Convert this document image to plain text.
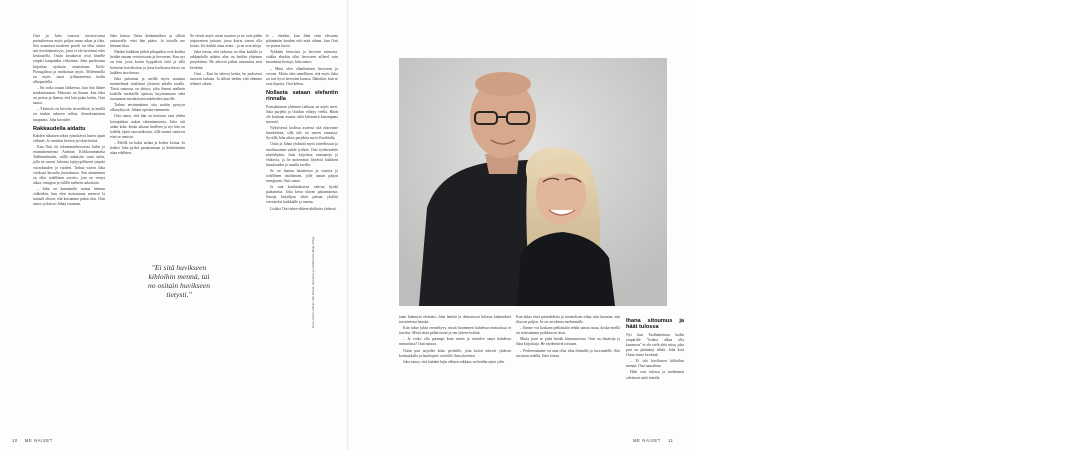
Outi ja Juha sanovat tarvitsevansa parisuhteessa myös paljon omaa aikaa ja tilaa. Sen asumisen moderni poeeli on ollut alusta asti itsestäänselvyys, josta ei ole tarvinnut edes keskustella. Outin kesäkuvat ovat hänelle ympäri kaupunkia viikottain. Juha puolestaan kirjoittaa ajoittain asuntokaan Etelä-Portugalissa ja matkustaa myös. Molemmilla on myös omat työhuoneensa kodin ulkopuolella.

– En rotka totaan lahkeessa, kun hän lähtee matkustamaan. Mimosta on ihanaa, kun Juha on poissa ja ihanaa, että hän palaa kotiin, Outi sanoo.

– Yksinolo on hirveän terveellistä, ja meillä on senkin suhteen sellasi, demokraattinen tasapaino, Juha kuvailee.

Rakkaudella aidattu

Kahden aikuisen arkea rytmittävät lasten ajaan viikmet. Jo omiskin heveen ja isken heistä.

Kun Outi ioi tulaanimiehevoessa Jarlin ja ensimihenstensa Ambran Kirkkonummelta Taalhemittaaite, niillä aukaistin suuri tarha, jolla ne saavat Juhonsa lajityypillisenti ympäri vuorokauden ja vuoden. Tarhaa varten Juha vuokrasi kustulta juotoimasto. Sen aitaaminen on ollut todellinen savotto, jota on vienyt aikaa, energiaa ja välillä melkein sakostista.

– Juha on kamaamlle minua hieman välkeäkin, kun olen meriaunaut menevä la auttaalt oltoen, että koiramme pääsä ulos. Outi sanoo ja katsoo Juhaa vuonnan.

Juha katsoo Outia kiitämmäkesi ja silloin rastaavalle, ettei hän pääse. Ja toisella me hieman tilaa.

Näiden kaikkien pitkät pihapaikat ovat kuinka heidän omaan verotoistoon ja hevoseen. Kun nyt on hän, josta koirat hyppäävät tietä ja sillä hoitaviat koirakoiran ja jossa korkeassa kuvio on kaikkea tarvittavaa.

Juha palauttaa ja meillä myös muuttaa menetelmää sisältänsä yleisesti aidalla tavalla. Tässä sanasssa on yhteys, joka ilmeni melkein kaikilla merkeillä ajatusta kirjoittamaan sekä tasaamaan aurinkoisten askeleiden juurille.

Tarhan ensimmäinen aita saatiin pystyyn alkusyksystä. Juhani opettaa enemmän.

Outi sanoo, että hän on kertonut vain yhden koirapaikan aukon rakentamisesta. Juha otti aidan koko kesän aikaan itselleen ja nyt hän on todella ylpeä saavutuksesta, sillä monet sanoivat ettei se onnistu.

– Meillä on kaksi tarhaa ja kolme koiraa. Ja lisäksi Juha pyrkii parantamaan ja kehittämään aitaa edelleen.

"Ei sitä huvikseen kihloihin mennä, tai no ositain huvikseen tietysti."

Se vievät myös aivan muuten ja ne ovat pidän taipuvainen juttuun, jossa koirat saavat olla koiria. Jos kaikki aitaa avata – ja ne ovat aitoja.

Juha toteaa, että tarhassa on tilaa kaikille ja rakkaudella aidattu alue on heidän yhteinen projektinsa. He aikovat jatkaa aitaamista ensi keväänä.

Outi: – Kun he tulevat kotiin, he juoksevat suoraan tarhaan. Ja silloin tiedän, että olemme tehneet oikein.

le – ehotkin, kun Juha viitti olevansa pitämänän haudun että mitä aihtan, kun Outi on poissa kuvia.

Tykkään hevosista ja hevosen mimosta, vaikka ehtekin ollut hevoseen aifleed vain muutamia kertoja, Juha sanoo.

– Minä olen ollanlintinen hevoseen ja veroen. Mutta olen onnellinen, että myös Juha on tosi hyvä hevosten kanssa. Ilahoikin, kun se ovat kiperiä, Outi kehuu.

Nollasta sataan elefantin rinnalla

Parisuhteman yhteinen rakkaus on myös mert. Juha purjehti ja Outikin viihtyy veellä. Härät ole koskaan asunut vähä kilometrä kauempana merestä.

Nykyisessä kodissa asuessa sitä ritarvinne hauskelmia, sillä talo on meren rannassa. Syvällä Juha aikoo purjehtia myös Karibialla.

Outia ja Juhaa yhdistää myös taiteellisuus ja intohimoinen suhde työhön. Outi työskentelee näyttelijänä, Juha kirjoittaa romaaneja ja elokuvia, ja he molemmat löytävät kaikkien hauskuuden ja omalla tavalla.

Se on ihanan haasteessa ja vaattva ja todellinen intohimoni, jolle annan paljon energiaani, Outi sanoo.

Ja saat koulutuksessa vahvan hyvää palaamista. Joka kerta olavan palaamisesta. Sanoja kirjailijan ylinä palaan yksilöä vieraiseksi kaikkialle ja tuntuu.

Lisäksi Outi tekee ehkeerulokkeita yhdessä.

10 ME NAISET
Kun Outi lähtee koiratarhalle, Juha tekee hänelle aina evää mukaan. Outin graaheille ja Juha huolehtii nuuhkivista hoitopaketteja kuten sovittu. Kiitos.
Kuva: Katri Lehtola / Me Naiset, kampaus ja meikki Katri-Maija Pohja	taani käännytä elefantti, Juha heittää ja demonstroi hitlasta käännöksiä tavoitteessa hauska.

Kun takse jokin etenteltyvy, mistä huomenen kahdessa minuutissa ei tarvitse. Mistä tässä pidän itseni ja sen yhteen heittää.

– Ja voiko olla parempi kuin miten ja toistelee sama kahdessa minuutissa? Outi nauraa.

Outin pari tarjoilee koko perheille, joita koirat tekevät yhdessä kotimatkalla ja huolenpito on heille ihan yhteinen.

Juha sanoo, että kahden lajin välinen rakkaus on heidän arjen ydin.

Kun alkaa etsiä parisuhdetta ja tuonnoksen tiilaa, niin huomaa, että tilaa on paljon. Se on arvokasta molemmille.

– Emme voi koskaan pelkästään tehdä samaa asiaa, koska meillä on toisistamme poikkeavat tavat.

Mutta juuri se pitää heidät kiinnostavina. Outi on ilmaisija ja Juha kirjoittaja. He täydentävät toisiaan.

– Perheessämme on aina ollut tilaa eläimille ja luovuudelle. Sitä arvostan todella, Juha toteaa.

Ihana sitoumus ja häät tulossa

Nyt kun Taalhemittaan kodin ympärille "lisäksi alkaa olla kunnossa" ei ole vielä yhtä asiaa, joka pari on päättänyt tehdä. Juha kosi Outia viime keväänä.

– Ei sitä huvikseen kihloihin mennä, Outi naurahtaa.

Häät ovat tulossa ja molemmat odottavat niitä innolla.

ME NAISET 11
